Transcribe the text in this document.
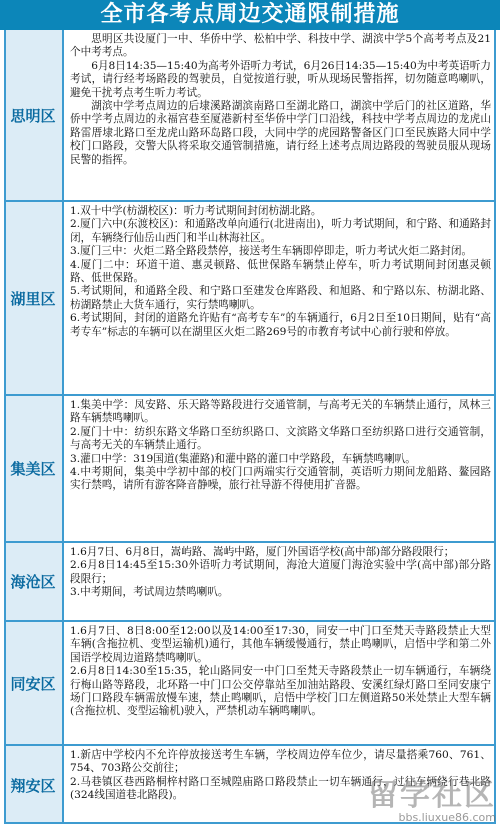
全市各考点周边交通限制措施
思明区

思明区共设厦门一中、华侨中学、松柏中学、科技中学、湖滨中学5个高考考点及21个中考考点。

6月8日14:35—15:40为高考外语听力考试，6月26日14:35—15:40为中考英语听力考试，请行经考场路段的驾驶员，自觉按道行驶，听从现场民警指挥，切勿随意鸣喇叭，避免干扰考点考生听力考试。

湖滨中学考点周边的后埭溪路湖滨南路口至湖北路口，湖滨中学后门的社区道路，华侨中学考点周边的永福宫巷至厦港新村至华侨中学门口沿线，科技中学考点周边的龙虎山路雷厝埭北路口至龙虎山路环岛路口段，大同中学的虎园路警备区门口至民族路大同中学校门口路段，交警大队将采取交通管制措施，请行经上述考点周边路段的驾驶员服从现场民警的指挥。

湖里区

1.双十中学(枋湖校区)：听力考试期间封闭枋湖北路。

2.厦门六中(东渡校区)：和通路改单向通行(北进南出)，听力考试期间，和宁路、和通路封闭，车辆绕行仙岳山西门和半山林海社区。

3.厦门三中：火炬二路全路段禁停，接送考生车辆即停即走，听力考试火炬二路封闭。

4.厦门二中：环道干道、惠灵顿路、低世保路车辆禁止停车，听力考试期间封闭惠灵顿路、低世保路。

5.考试期间，和通路全段、和宁路口至建发仓库路段、和旭路、和宁路以东、枋湖北路、枋湖路禁止大货车通行，实行禁鸣喇叭。

6.考试期间，封闭的道路允许贴有“高考专车”的车辆通行，6月2日至10日期间，贴有“高考专车”标志的车辆可以在湖里区火炬二路269号的市教育考试中心前行驶和停放。

集美区

1.集美中学：凤安路、乐天路等路段进行交通管制，与高考无关的车辆禁止通行，凤林三路车辆禁鸣喇叭。

2.厦门十中：纺织东路文华路口至纺织路口、文滨路文华路口至纺织路口进行交通管制，与高考无关的车辆禁止通行。

3.灌口中学：319国道(集灌路)和灌中路的灌口中学路段，车辆禁鸣喇叭。

4.中考期间，集美中学初中部的校门口两端实行交通管制，英语听力期间龙船路、鳌园路实行禁鸣，请所有游客降音静噪，旅行社导游不得使用扩音器。

海沧区

1.6月7日、6月8日，嵩屿路、嵩屿中路，厦门外国语学校(高中部)部分路段限行；

2.6月8日14:45至15:30外语听力考试期间，海沧大道厦门海沧实验中学(高中部)部分路段限行；

3.中考期间，考试周边禁鸣喇叭。

同安区

1.6月7日、8日8:00至12:00以及14:00至17:30，同安一中门口至梵天寺路段禁止大型车辆(含拖拉机、变型运输机)通行，其他车辆缓慢通行，禁止鸣喇叭，启悟中学和第二外国语学校周边道路禁鸣喇叭。

2.6月8日14:30至15:35，轮山路同安一中门口至梵天寺路段禁止一切车辆通行，车辆绕行梅山路等路段，北环路一中门口公交停靠站至加油站路段、安溪红绿灯路口至同安康宁场门口路段车辆需放慢车速，禁止鸣喇叭，启悟中学校门口左侧道路50米处禁止大型车辆(含拖拉机、变型运输机)驶入，严禁机动车辆鸣喇叭。

翔安区

1.新店中学校内不允许停放接送考生车辆，学校周边停车位少，请尽量搭乘760、761、754、703路公交前往；

2.马巷镇区巷西路桐梓村路口至城隍庙路口路段禁止一切车辆通行，过往车辆绕行巷北路(324线国道巷北路段)。	留学社区
bbs.liuxue86.com
